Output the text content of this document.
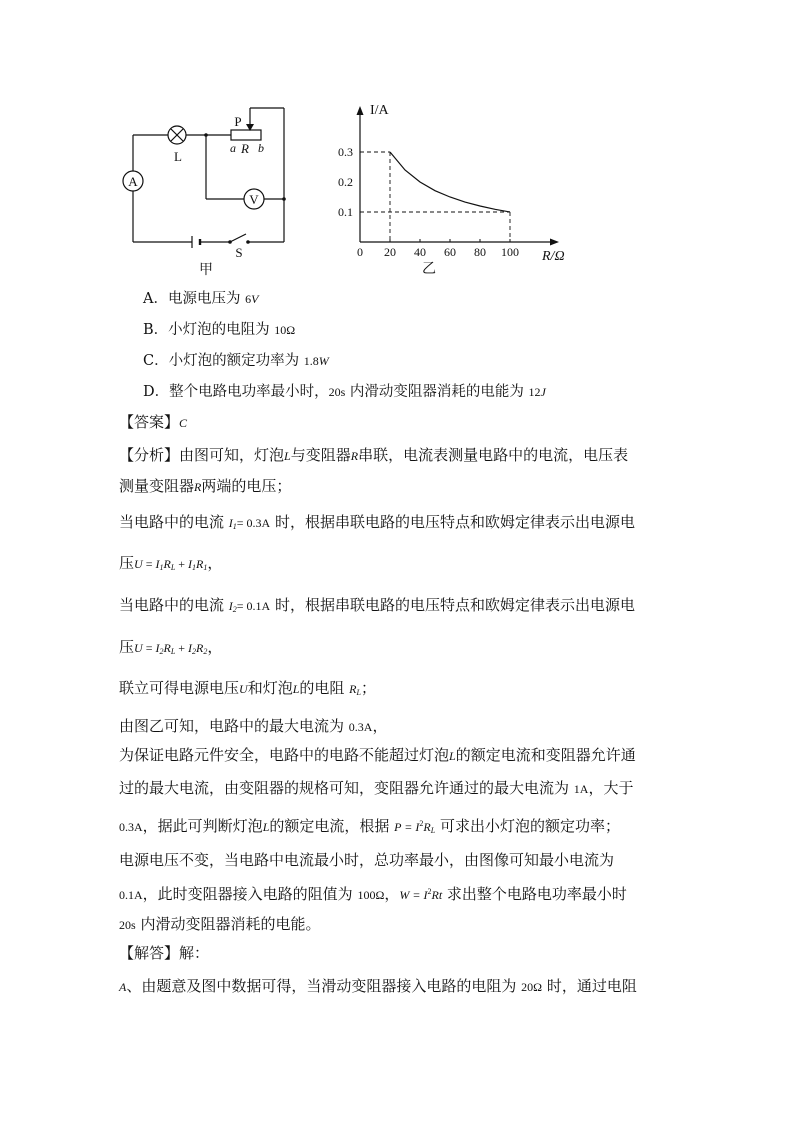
A
V
L
P
a R b
S
甲
0 20 40 60 80 100
0.3
0.2
0.1
I/A
R/Ω
乙
A．电源电压为 6V
B．小灯泡的电阻为 10Ω
C．小灯泡的额定功率为 1.8W
D．整个电路电功率最小时，20s 内滑动变阻器消耗的电能为 12J
【答案】C
【分析】由图可知，灯泡L与变阻器R串联，电流表测量电路中的电流，电压表
测量变阻器R两端的电压；
当电路中的电流 $I_1= 0.3A$ 时，根据串联电路的电压特点和欧姆定律表示出电源电
压$U = I_1R_L + I_1R_1$，
当电路中的电流 $I_2= 0.1A$ 时，根据串联电路的电压特点和欧姆定律表示出电源电
压$U = I_2R_L + I_2R_2$，
联立可得电源电压U和灯泡L的电阻 $R_L$；
由图乙可知，电路中的最大电流为 0.3A，
为保证电路元件安全，电路中的电路不能超过灯泡L的额定电流和变阻器允许通
过的最大电流，由变阻器的规格可知，变阻器允许通过的最大电流为 1A，大于
0.3A，据此可判断灯泡L的额定电流，根据 $P = I^2R_L$ 可求出小灯泡的额定功率；
电源电压不变，当电路中电流最小时，总功率最小，由图像可知最小电流为
0.1A，此时变阻器接入电路的阻值为 100Ω，$W = I^2Rt$ 求出整个电路电功率最小时
20s 内滑动变阻器消耗的电能。
【解答】解：
A、由题意及图中数据可得，当滑动变阻器接入电路的电阻为 20Ω 时，通过电阻
